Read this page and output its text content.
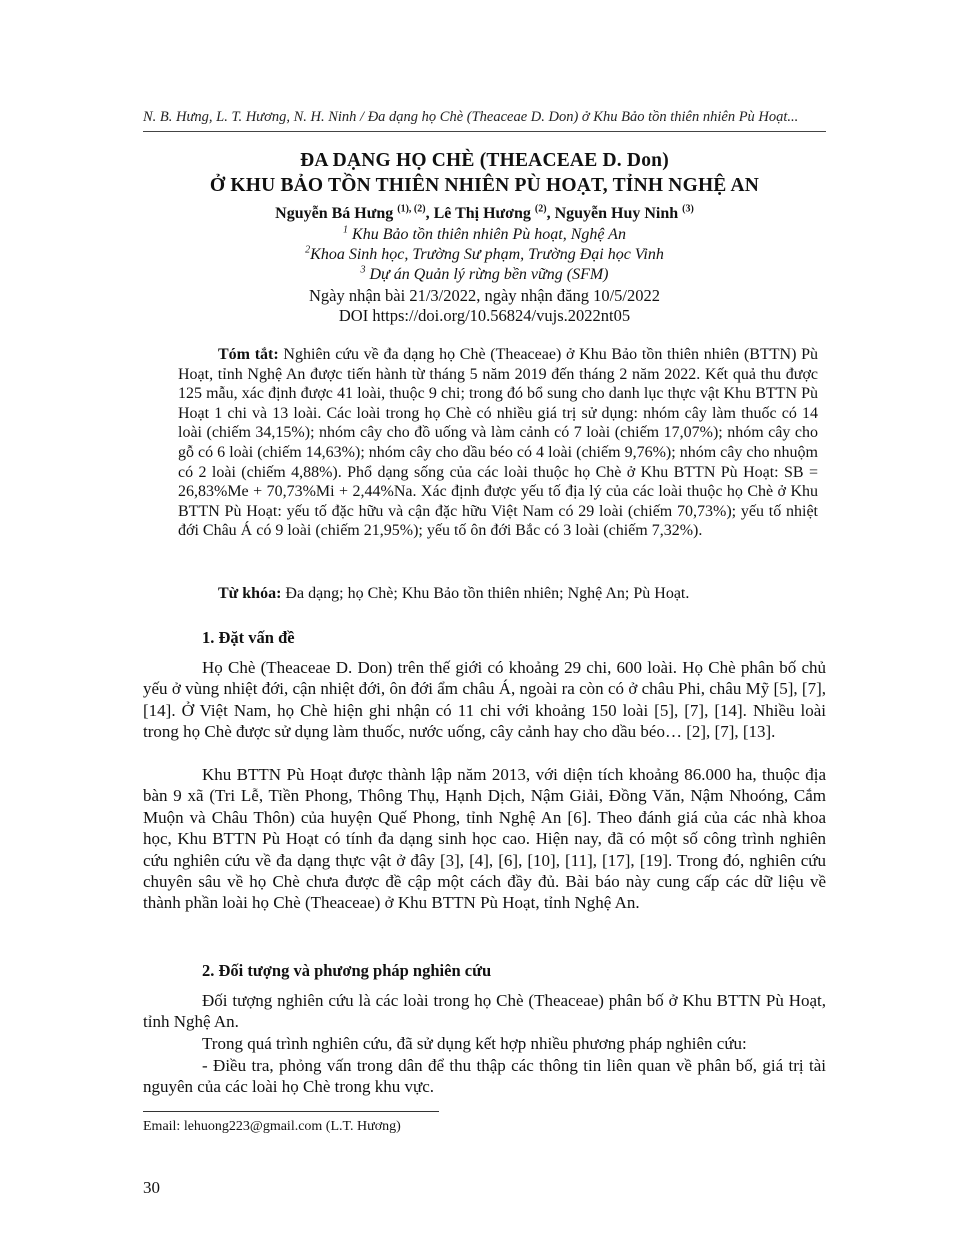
N. B. Hưng, L. T. Hương, N. H. Ninh / Đa dạng họ Chè (Theaceae D. Don) ở Khu Bảo tồn thiên nhiên Pù Hoạt...
ĐA DẠNG HỌ CHÈ (THEACEAE D. Don)
Ở KHU BẢO TỒN THIÊN NHIÊN PÙ HOẠT, TỈNH NGHỆ AN
Nguyễn Bá Hưng $^{(1), (2)}$, Lê Thị Hương $^{(2)}$, Nguyễn Huy Ninh $^{(3)}$
$^1$ Khu Bảo tồn thiên nhiên Pù hoạt, Nghệ An
$^2$Khoa Sinh học, Trường Sư phạm, Trường Đại học Vinh
$^3$ Dự án Quản lý rừng bền vững (SFM)
Ngày nhận bài 21/3/2022, ngày nhận đăng 10/5/2022
DOI https://doi.org/10.56824/vujs.2022nt05
Tóm tắt: Nghiên cứu về đa dạng họ Chè (Theaceae) ở Khu Bảo tồn thiên nhiên (BTTN) Pù Hoạt, tỉnh Nghệ An được tiến hành từ tháng 5 năm 2019 đến tháng 2 năm 2022. Kết quả thu được 125 mẫu, xác định được 41 loài, thuộc 9 chi; trong đó bổ sung cho danh lục thực vật Khu BTTN Pù Hoạt 1 chi và 13 loài. Các loài trong họ Chè có nhiều giá trị sử dụng: nhóm cây làm thuốc có 14 loài (chiếm 34,15%); nhóm cây cho đồ uống và làm cảnh có 7 loài (chiếm 17,07%); nhóm cây cho gỗ có 6 loài (chiếm 14,63%); nhóm cây cho dầu béo có 4 loài (chiếm 9,76%); nhóm cây cho nhuộm có 2 loài (chiếm 4,88%). Phổ dạng sống của các loài thuộc họ Chè ở Khu BTTN Pù Hoạt: SB = 26,83%Me + 70,73%Mi + 2,44%Na. Xác định được yếu tố địa lý của các loài thuộc họ Chè ở Khu BTTN Pù Hoạt: yếu tố đặc hữu và cận đặc hữu Việt Nam có 29 loài (chiếm 70,73%); yếu tố nhiệt đới Châu Á có 9 loài (chiếm 21,95%); yếu tố ôn đới Bắc có 3 loài (chiếm 7,32%).
Từ khóa: Đa dạng; họ Chè; Khu Bảo tồn thiên nhiên; Nghệ An; Pù Hoạt.
1. Đặt vấn đề
Họ Chè (Theaceae D. Don) trên thế giới có khoảng 29 chi, 600 loài. Họ Chè phân bố chủ yếu ở vùng nhiệt đới, cận nhiệt đới, ôn đới ẩm châu Á, ngoài ra còn có ở châu Phi, châu Mỹ [5], [7], [14]. Ở Việt Nam, họ Chè hiện ghi nhận có 11 chi với khoảng 150 loài [5], [7], [14]. Nhiều loài trong họ Chè được sử dụng làm thuốc, nước uống, cây cảnh hay cho dầu béo… [2], [7], [13].
Khu BTTN Pù Hoạt được thành lập năm 2013, với diện tích khoảng 86.000 ha, thuộc địa bàn 9 xã (Tri Lễ, Tiền Phong, Thông Thụ, Hạnh Dịch, Nậm Giải, Đồng Văn, Nậm Nhoóng, Cắm Muộn và Châu Thôn) của huyện Quế Phong, tỉnh Nghệ An [6]. Theo đánh giá của các nhà khoa học, Khu BTTN Pù Hoạt có tính đa dạng sinh học cao. Hiện nay, đã có một số công trình nghiên cứu nghiên cứu về đa dạng thực vật ở đây [3], [4], [6], [10], [11], [17], [19]. Trong đó, nghiên cứu chuyên sâu về họ Chè chưa được đề cập một cách đầy đủ. Bài báo này cung cấp các dữ liệu về thành phần loài họ Chè (Theaceae) ở Khu BTTN Pù Hoạt, tỉnh Nghệ An.
2. Đối tượng và phương pháp nghiên cứu
Đối tượng nghiên cứu là các loài trong họ Chè (Theaceae) phân bố ở Khu BTTN Pù Hoạt, tỉnh Nghệ An.
Trong quá trình nghiên cứu, đã sử dụng kết hợp nhiều phương pháp nghiên cứu:
- Điều tra, phỏng vấn trong dân để thu thập các thông tin liên quan về phân bố, giá trị tài nguyên của các loài họ Chè trong khu vực.
Email: lehuong223@gmail.com (L.T. Hương)
30
